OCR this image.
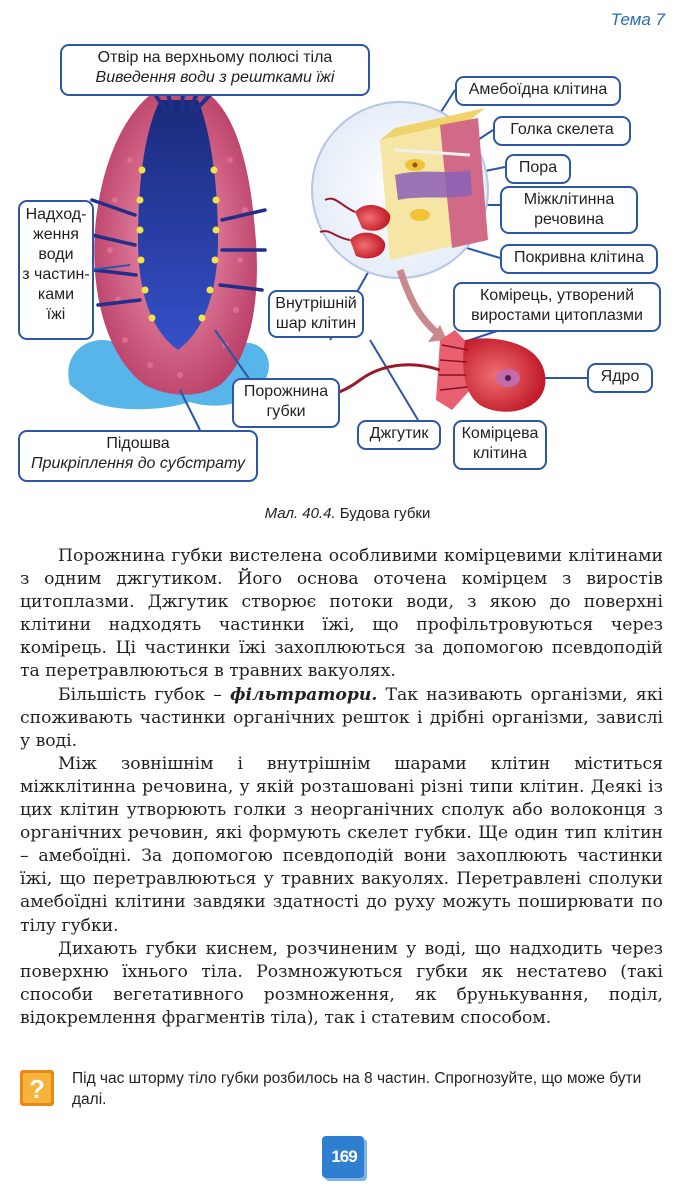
Тема 7
Отвір на верхньому полюсі тіла
Виведення води з рештками їжі
Надход-
ження
води
з частин-
ками
їжі
Амебоїдна клітина
Голка скелета
Пора
Міжклітинна
речовина
Покривна клітина
Внутрішній
шар клітин
Комірець, утворений
виростами цитоплазми
Ядро
Порожнина
губки
Підошва
Прикріплення до субстрату
Джгутик	Комірцева
клітина
Мал. 40.4. Будова губки

Порожнина губки вистелена особливими комірцевими клітинами з одним джгутиком. Його основа оточена комірцем з виростів цитоплазми. Джгутик створює потоки води, з якою до поверхні клітини надходять частинки їжі, що профільтровуються через комірець. Ці частинки їжі захоплюються за допомогою псевдоподій та перетравлюються в травних вакуолях.

Більшість губок – фільтратори. Так називають організми, які споживають частинки органічних решток і дрібні організми, завислі у воді.

Між зовнішнім і внутрішнім шарами клітин міститься міжклітинна речовина, у якій розташовані різні типи клітин. Деякі із цих клітин утворюють голки з неорганічних сполук або волоконця з органічних речовин, які формують скелет губки. Ще один тип клітин – амебоїдні. За допомогою псевдоподій вони захоплюють частинки їжі, що перетравлюються у травних вакуолях. Перетравлені сполуки амебоїдні клітини завдяки здатності до руху можуть поширювати по тілу губки.

Дихають губки киснем, розчиненим у воді, що надходить через поверхню їхнього тіла. Розмножуються губки як нестатево (такі способи вегетативного розмноження, як брунькування, поділ, відокремлення фрагментів тіла), так і статевим способом.

? Під час шторму тіло губки розбилось на 8 частин. Спрогнозуйте, що може бути далі.
169
